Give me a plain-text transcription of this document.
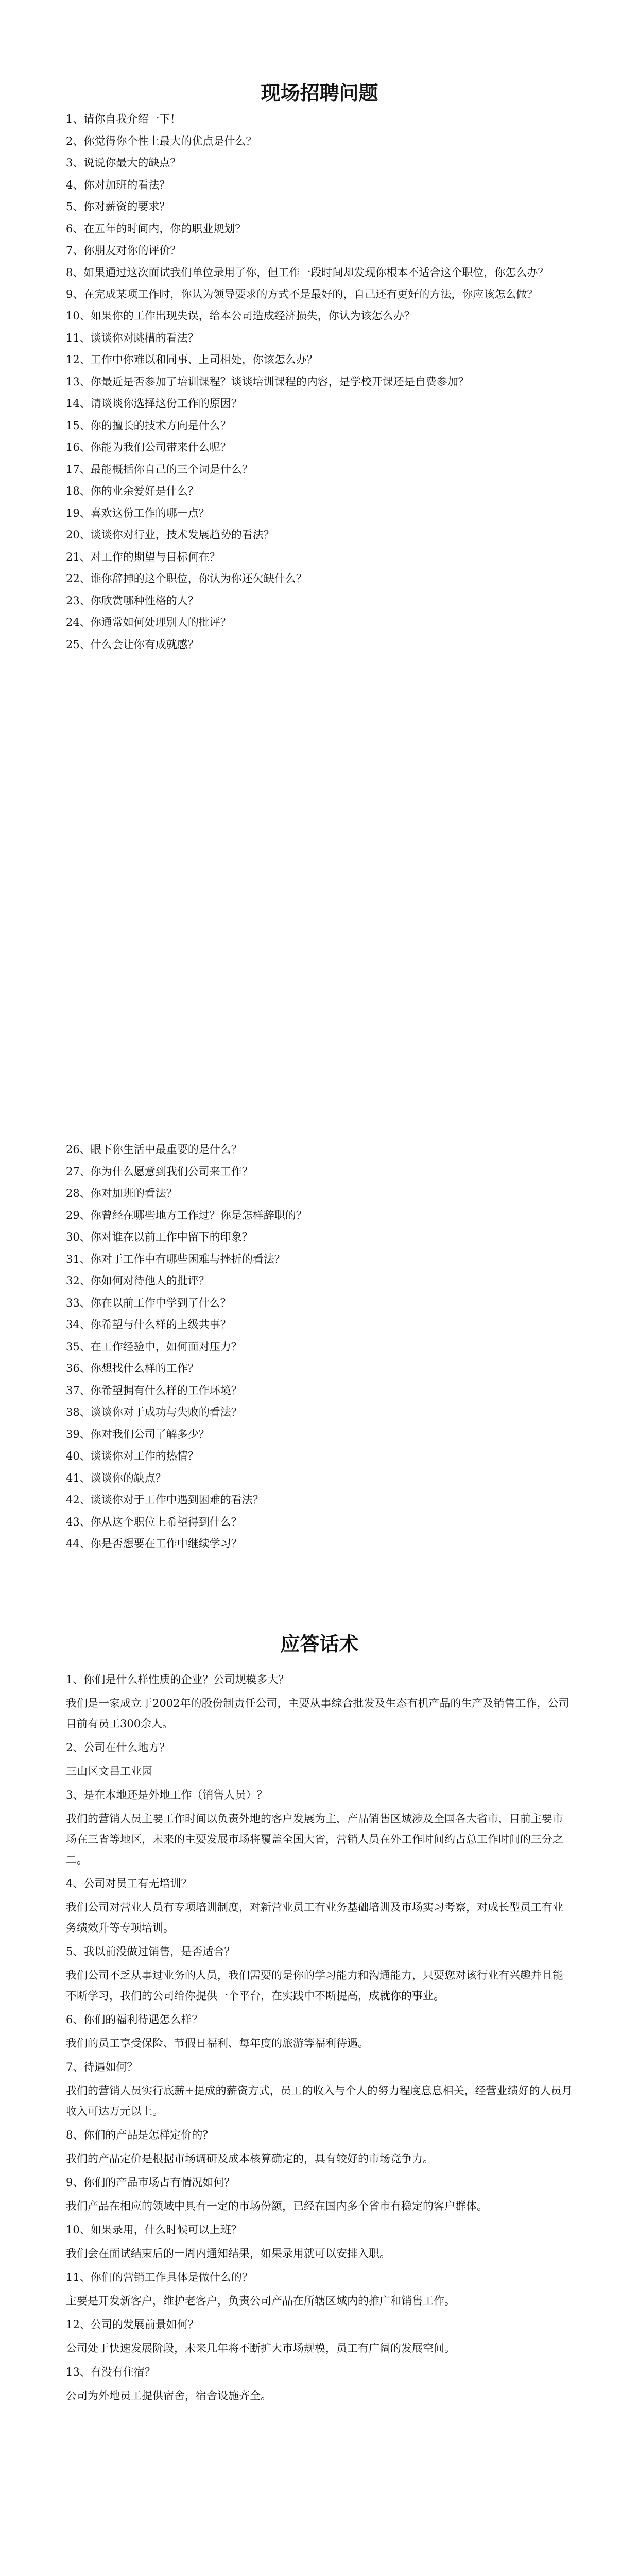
现场招聘问题
1、请你自我介绍一下！
2、你觉得你个性上最大的优点是什么？
3、说说你最大的缺点？
4、你对加班的看法？
5、你对薪资的要求？
6、在五年的时间内，你的职业规划？
7、你朋友对你的评价？
8、如果通过这次面试我们单位录用了你，但工作一段时间却发现你根本不适合这个职位，你怎么办？
9、在完成某项工作时，你认为领导要求的方式不是最好的，自己还有更好的方法，你应该怎么做？
10、如果你的工作出现失误，给本公司造成经济损失，你认为该怎么办？
11、谈谈你对跳槽的看法？
12、工作中你难以和同事、上司相处，你该怎么办？
13、你最近是否参加了培训课程？谈谈培训课程的内容，是学校开课还是自费参加？
14、请谈谈你选择这份工作的原因？
15、你的擅长的技术方向是什么？
16、你能为我们公司带来什么呢？
17、最能概括你自己的三个词是什么？
18、你的业余爱好是什么？
19、喜欢这份工作的哪一点？
20、谈谈你对行业，技术发展趋势的看法？
21、对工作的期望与目标何在？
22、谁你辞掉的这个职位，你认为你还欠缺什么？
23、你欣赏哪种性格的人？
24、你通常如何处理别人的批评？
25、什么会让你有成就感？
26、眼下你生活中最重要的是什么？
27、你为什么愿意到我们公司来工作？
28、你对加班的看法？
29、你曾经在哪些地方工作过？你是怎样辞职的？
30、你对谁在以前工作中留下的印象？
31、你对于工作中有哪些困难与挫折的看法？
32、你如何对待他人的批评？
33、你在以前工作中学到了什么？
34、你希望与什么样的上级共事？
35、在工作经验中，如何面对压力？
36、你想找什么样的工作？
37、你希望拥有什么样的工作环境？
38、谈谈你对于成功与失败的看法？
39、你对我们公司了解多少？
40、谈谈你对工作的热情？
41、谈谈你的缺点？
42、谈谈你对于工作中遇到困难的看法？
43、你从这个职位上希望得到什么？
44、你是否想要在工作中继续学习？
应答话术
1、你们是什么样性质的企业？公司规模多大？
我们是一家成立于2002年的股份制责任公司，主要从事综合批发及生态有机产品的生产及销售工作，公司目前有员工300余人。
2、公司在什么地方？
三山区文昌工业园
3、是在本地还是外地工作（销售人员）？
我们的营销人员主要工作时间以负责外地的客户发展为主，产品销售区域涉及全国各大省市，目前主要市场在三省等地区，未来的主要发展市场将覆盖全国大省，营销人员在外工作时间约占总工作时间的三分之二。
4、公司对员工有无培训？
我们公司对营业人员有专项培训制度，对新营业员工有业务基础培训及市场实习考察，对成长型员工有业务绩效升等专项培训。
5、我以前没做过销售，是否适合？
我们公司不乏从事过业务的人员，我们需要的是你的学习能力和沟通能力，只要您对该行业有兴趣并且能不断学习，我们的公司给你提供一个平台，在实践中不断提高，成就你的事业。
6、你们的福利待遇怎么样？
我们的员工享受保险、节假日福利、每年度的旅游等福利待遇。
7、待遇如何？
我们的营销人员实行底薪+提成的薪资方式，员工的收入与个人的努力程度息息相关，经营业绩好的人员月收入可达万元以上。
8、你们的产品是怎样定价的？
我们的产品定价是根据市场调研及成本核算确定的，具有较好的市场竞争力。
9、你们的产品市场占有情况如何？
我们产品在相应的领域中具有一定的市场份额，已经在国内多个省市有稳定的客户群体。
10、如果录用，什么时候可以上班？
我们会在面试结束后的一周内通知结果，如果录用就可以安排入职。
11、你们的营销工作具体是做什么的？
主要是开发新客户，维护老客户，负责公司产品在所辖区域内的推广和销售工作。
12、公司的发展前景如何？
公司处于快速发展阶段，未来几年将不断扩大市场规模，员工有广阔的发展空间。
13、有没有住宿？
公司为外地员工提供宿舍，宿舍设施齐全。
